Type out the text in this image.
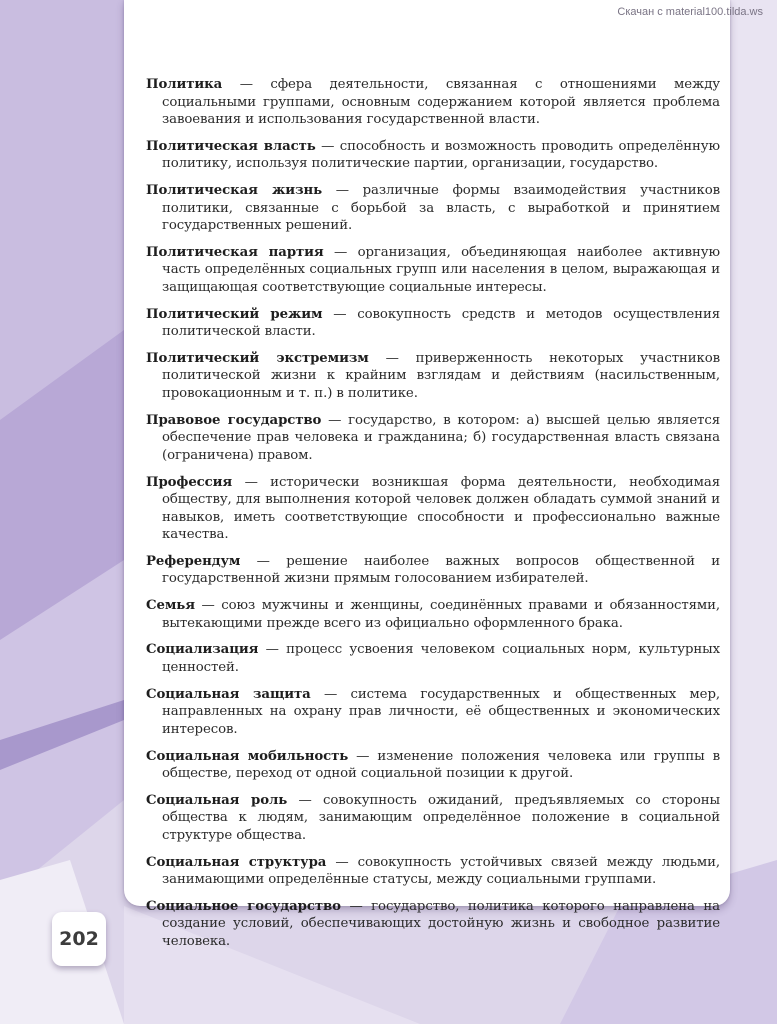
Скачан с material100.tilda.ws

Политика — сфера деятельности, связанная с отношениями между социальными группами, основным содержанием которой является проблема завоевания и использования государственной власти.

Политическая власть — способность и возможность проводить определённую политику, используя политические партии, организации, государство.

Политическая жизнь — различные формы взаимодействия участников политики, связанные с борьбой за власть, с выработкой и принятием государственных решений.

Политическая партия — организация, объединяющая наиболее активную часть определённых социальных групп или населения в целом, выражающая и защищающая соответствующие социальные интересы.

Политический режим — совокупность средств и методов осуществления политической власти.

Политический экстремизм — приверженность некоторых участников политической жизни к крайним взглядам и действиям (насильственным, провокационным и т. п.) в политике.

Правовое государство — государство, в котором: а) высшей целью является обеспечение прав человека и гражданина; б) государственная власть связана (ограничена) правом.

Профессия — исторически возникшая форма деятельности, необходимая обществу, для выполнения которой человек должен обладать суммой знаний и навыков, иметь соответствующие способности и профессионально важные качества.

Референдум — решение наиболее важных вопросов общественной и государственной жизни прямым голосованием избирателей.

Семья — союз мужчины и женщины, соединённых правами и обязанностями, вытекающими прежде всего из официально оформленного брака.

Социализация — процесс усвоения человеком социальных норм, культурных ценностей.

Социальная защита — система государственных и общественных мер, направленных на охрану прав личности, её общественных и экономических интересов.

Социальная мобильность — изменение положения человека или группы в обществе, переход от одной социальной позиции к другой.

Социальная роль — совокупность ожиданий, предъявляемых со стороны общества к людям, занимающим определённое положение в социальной структуре общества.

Социальная структура — совокупность устойчивых связей между людьми, занимающими определённые статусы, между социальными группами.

Социальное государство — государство, политика которого направлена на создание условий, обеспечивающих достойную жизнь и свободное развитие человека.

202
